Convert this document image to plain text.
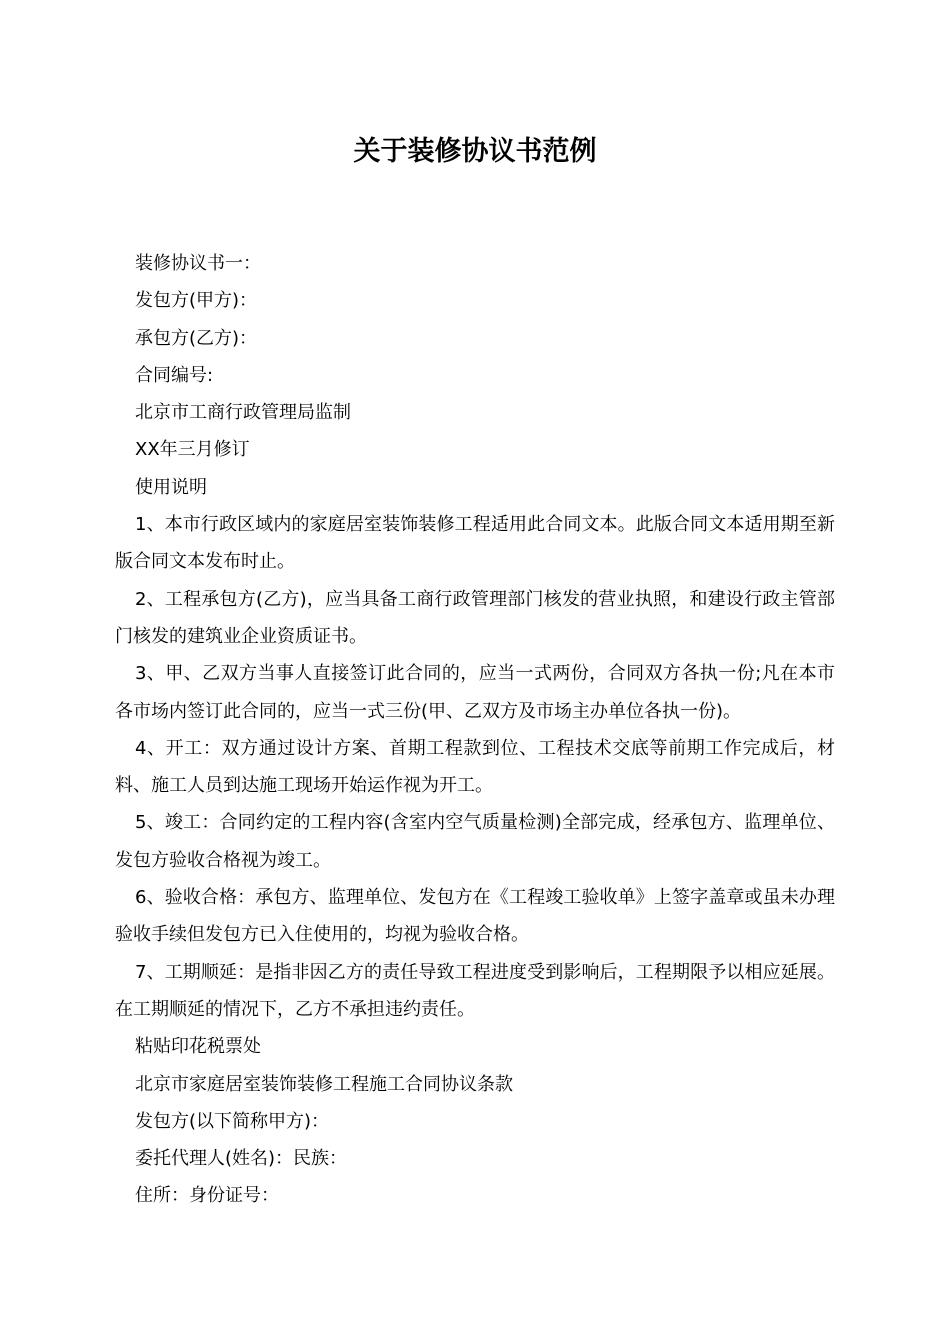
关于装修协议书范例

装修协议书一：

发包方(甲方)：

承包方(乙方)：

合同编号:

北京市工商行政管理局监制

XX年三月修订

使用说明

1、本市行政区域内的家庭居室装饰装修工程适用此合同文本。此版合同文本适用期至新版合同文本发布时止。

2、工程承包方(乙方)，应当具备工商行政管理部门核发的营业执照，和建设行政主管部门核发的建筑业企业资质证书。

3、甲、乙双方当事人直接签订此合同的，应当一式两份，合同双方各执一份;凡在本市各市场内签订此合同的，应当一式三份(甲、乙双方及市场主办单位各执一份)。

4、开工：双方通过设计方案、首期工程款到位、工程技术交底等前期工作完成后，材料、施工人员到达施工现场开始运作视为开工。

5、竣工：合同约定的工程内容(含室内空气质量检测)全部完成，经承包方、监理单位、发包方验收合格视为竣工。

6、验收合格：承包方、监理单位、发包方在《工程竣工验收单》上签字盖章或虽未办理验收手续但发包方已入住使用的，均视为验收合格。

7、工期顺延：是指非因乙方的责任导致工程进度受到影响后，工程期限予以相应延展。在工期顺延的情况下，乙方不承担违约责任。

粘贴印花税票处

北京市家庭居室装饰装修工程施工合同协议条款

发包方(以下简称甲方)：

委托代理人(姓名)：民族：

住所：身份证号：
